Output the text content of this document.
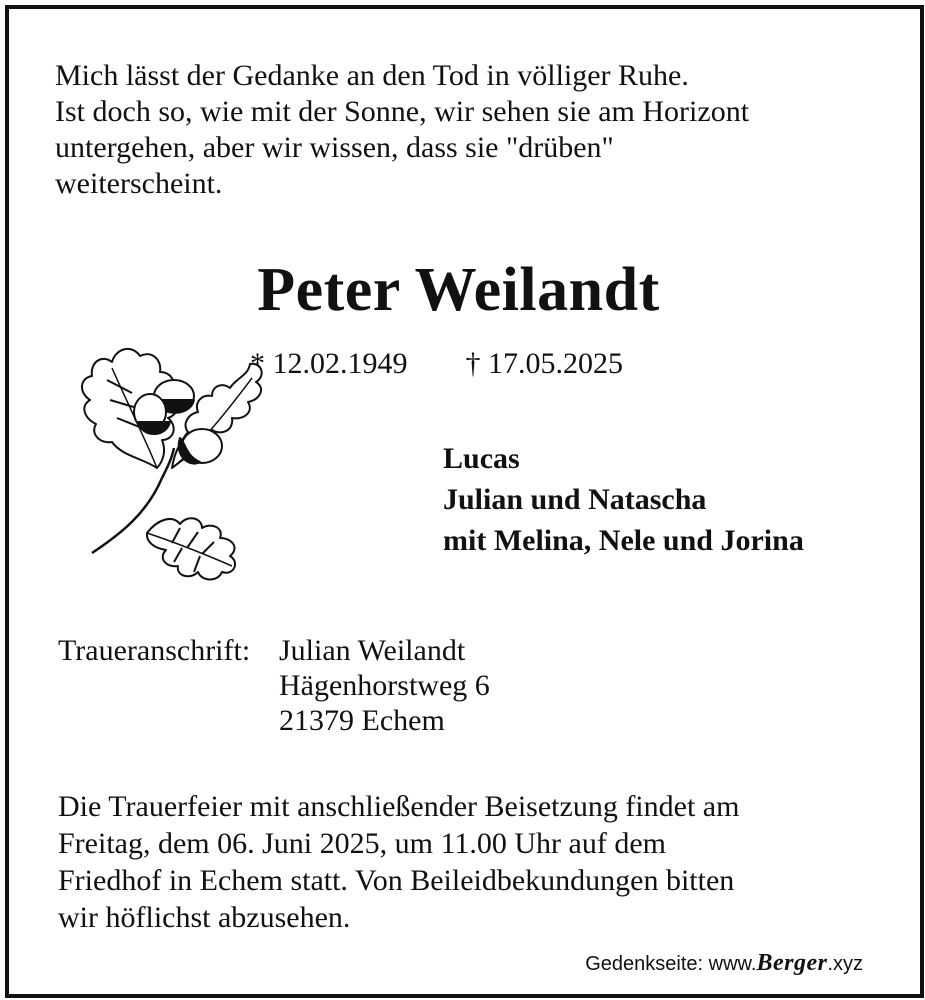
Mich lässt der Gedanke an den Tod in völliger Ruhe.
Ist doch so, wie mit der Sonne, wir sehen sie am Horizont
untergehen, aber wir wissen, dass sie "drüben"
weiterscheint.
Peter Weilandt
* 12.02.1949 † 17.05.2025
Lucas
Julian und Natascha
mit Melina, Nele und Jorina
Traueranschrift: Julian Weilandt
Hägenhorstweg 6
21379 Echem
Die Trauerfeier mit anschließender Beisetzung findet am
Freitag, dem 06. Juni 2025, um 11.00 Uhr auf dem
Friedhof in Echem statt. Von Beileidbekundungen bitten
wir höflichst abzusehen.
Gedenkseite: www.Berger.xyz
